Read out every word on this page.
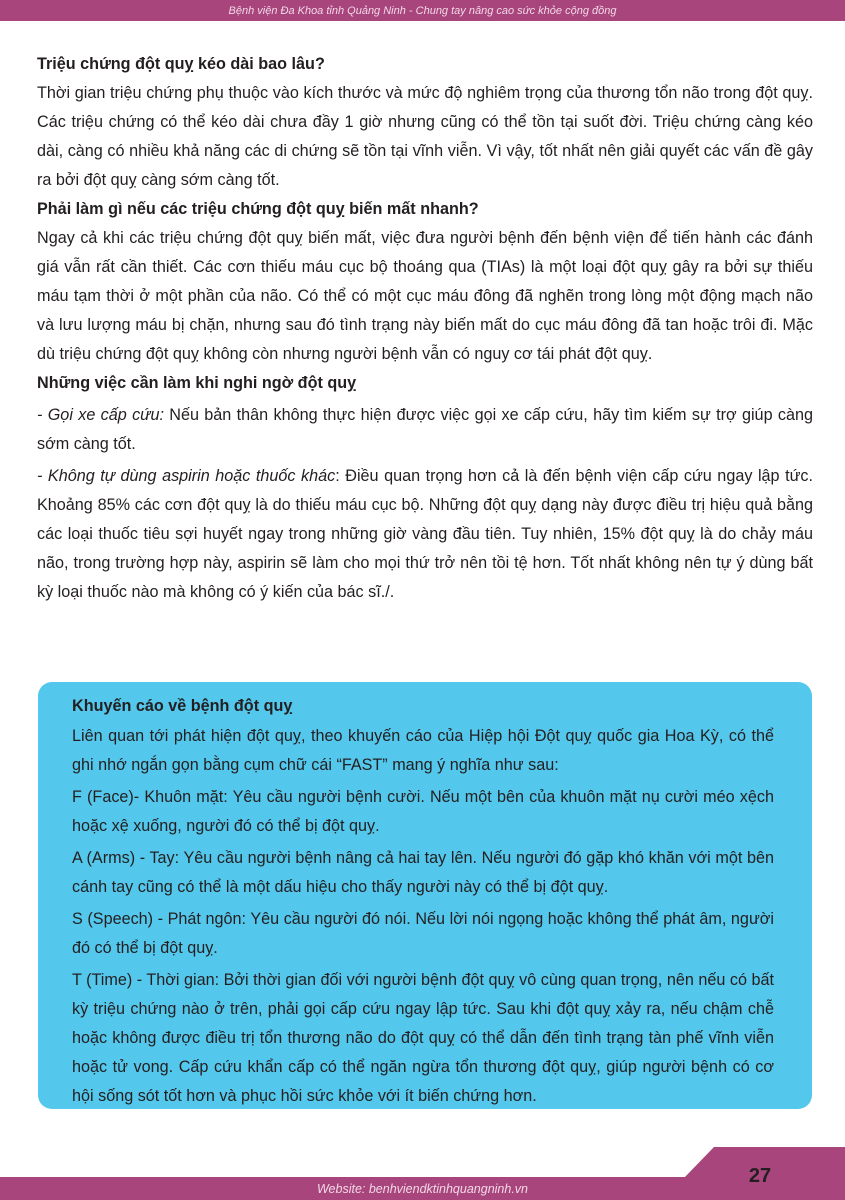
Bệnh viện Đa Khoa tỉnh Quảng Ninh - Chung tay nâng cao sức khỏe cộng đồng
Triệu chứng đột quỵ kéo dài bao lâu?

Thời gian triệu chứng phụ thuộc vào kích thước và mức độ nghiêm trọng của thương tổn não trong đột quỵ. Các triệu chứng có thể kéo dài chưa đầy 1 giờ nhưng cũng có thể tồn tại suốt đời. Triệu chứng càng kéo dài, càng có nhiều khả năng các di chứng sẽ tồn tại vĩnh viễn. Vì vậy, tốt nhất nên giải quyết các vấn đề gây ra bởi đột quỵ càng sớm càng tốt.

Phải làm gì nếu các triệu chứng đột quỵ biến mất nhanh?

Ngay cả khi các triệu chứng đột quỵ biến mất, việc đưa người bệnh đến bệnh viện để tiến hành các đánh giá vẫn rất cần thiết. Các cơn thiếu máu cục bộ thoáng qua (TIAs) là một loại đột quỵ gây ra bởi sự thiếu máu tạm thời ở một phần của não. Có thể có một cục máu đông đã nghẽn trong lòng một động mạch não và lưu lượng máu bị chặn, nhưng sau đó tình trạng này biến mất do cục máu đông đã tan hoặc trôi đi. Mặc dù triệu chứng đột quỵ không còn nhưng người bệnh vẫn có nguy cơ tái phát đột quỵ.

Những việc cần làm khi nghi ngờ đột quỵ

- Gọi xe cấp cứu: Nếu bản thân không thực hiện được việc gọi xe cấp cứu, hãy tìm kiếm sự trợ giúp càng sớm càng tốt.

- Không tự dùng aspirin hoặc thuốc khác: Điều quan trọng hơn cả là đến bệnh viện cấp cứu ngay lập tức. Khoảng 85% các cơn đột quỵ là do thiếu máu cục bộ. Những đột quỵ dạng này được điều trị hiệu quả bằng các loại thuốc tiêu sợi huyết ngay trong những giờ vàng đầu tiên. Tuy nhiên, 15% đột quỵ là do chảy máu não, trong trường hợp này, aspirin sẽ làm cho mọi thứ trở nên tồi tệ hơn. Tốt nhất không nên tự ý dùng bất kỳ loại thuốc nào mà không có ý kiến của bác sĩ./.

Khuyến cáo về bệnh đột quỵ

Liên quan tới phát hiện đột quỵ, theo khuyến cáo của Hiệp hội Đột quỵ quốc gia Hoa Kỳ, có thể ghi nhớ ngắn gọn bằng cụm chữ cái “FAST” mang ý nghĩa như sau:

F (Face)- Khuôn mặt: Yêu cầu người bệnh cười. Nếu một bên của khuôn mặt nụ cười méo xệch hoặc xệ xuống, người đó có thể bị đột quỵ.

A (Arms) - Tay: Yêu cầu người bệnh nâng cả hai tay lên. Nếu người đó gặp khó khăn với một bên cánh tay cũng có thể là một dấu hiệu cho thấy người này có thể bị đột quỵ.

S (Speech) - Phát ngôn: Yêu cầu người đó nói. Nếu lời nói ngọng hoặc không thể phát âm, người đó có thể bị đột quỵ.

T (Time) - Thời gian: Bởi thời gian đối với người bệnh đột quỵ vô cùng quan trọng, nên nếu có bất kỳ triệu chứng nào ở trên, phải gọi cấp cứu ngay lập tức. Sau khi đột quỵ xảy ra, nếu chậm chễ hoặc không được điều trị tổn thương não do đột quỵ có thể dẫn đến tình trạng tàn phế vĩnh viễn hoặc tử vong. Cấp cứu khẩn cấp có thể ngăn ngừa tổn thương đột quỵ, giúp người bệnh có cơ hội sống sót tốt hơn và phục hồi sức khỏe với ít biến chứng hơn.

Website: benhviendktinhquangninh.vn
27
